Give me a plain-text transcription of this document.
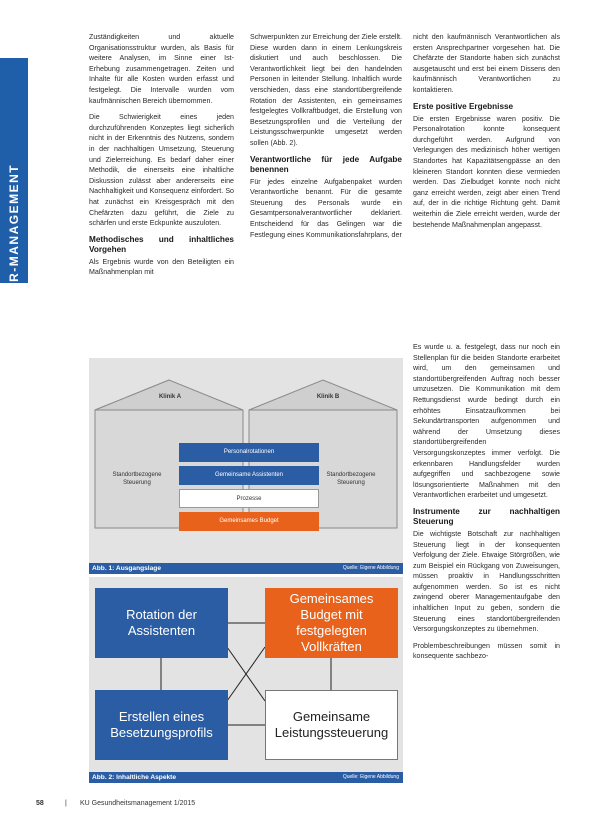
HR-MANAGEMENT

Zuständigkeiten und aktuelle Organisationsstruktur wurden, als Basis für weitere Analysen, im Sinne einer Ist-Erhebung zusammengetragen. Zeiten und Inhalte für alle Kosten wurden erfasst und festgelegt. Die Intervalle wurden vom kaufmännischen Bereich übernommen.

Die Schwierigkeit eines jeden durchzuführenden Konzeptes liegt sicherlich nicht in der Erkenntnis des Nutzens, sondern in der nachhaltigen Umsetzung, Steuerung und Zielerreichung. Es bedarf daher einer Methodik, die einerseits eine inhaltliche Diskussion zulässt aber andererseits eine Nachhaltigkeit und Konsequenz einfordert. So hat zunächst ein Kreisgespräch mit den Chefärzten dazu geführt, die Ziele zu schärfen und erste Eckpunkte auszuloten.

Methodisches und inhaltliches Vorgehen

Als Ergebnis wurde von den Beteiligten ein Maßnahmenplan mit

Schwerpunkten zur Erreichung der Ziele erstellt. Diese wurden dann in einem Lenkungskreis diskutiert und auch beschlossen. Die Verantwortlichkeit liegt bei den handelnden Personen in leitender Stellung. Inhaltlich wurde verschieden, dass eine standortübergreifende Rotation der Assistenten, ein gemeinsames festgelegtes Vollkraftbudget, die Erstellung von Besetzungsprofilen und die Verteilung der Leistungsschwerpunkte umgesetzt werden sollen (Abb. 2).

Verantwortliche für jede Aufgabe benennen

Für jedes einzelne Aufgabenpaket wurden Verantwortliche benannt. Für die gesamte Steuerung des Personals wurde ein Gesamtpersonalverantwortlicher deklariert. Entscheidend für das Gelingen war die Festlegung eines Kommunikationsfahrplans, der

nicht den kaufmännisch Verantwortlichen als ersten Ansprechpartner vorgesehen hat. Die Chefärzte der Standorte haben sich zunächst ausgetauscht und erst bei einem Dissens den kaufmännisch Verantwortlichen zu kontaktieren.

Erste positive Ergebnisse

Die ersten Ergebnisse waren positiv. Die Personalrotation konnte konsequent durchgeführt werden. Aufgrund von Verlegungen des medizinisch höher wertigen Standortes hat Kapazitätsengpässe an den kleineren Standort konnten diese vermieden werden. Das Zielbudget konnte noch nicht ganz erreicht werden, zeigt aber einen Trend auf, der in die richtige Richtung geht. Damit weiterhin die Ziele erreicht werden, wurde der bestehende Maßnahmenplan angepasst.

Es wurde u. a. festgelegt, dass nur noch ein Stellenplan für die beiden Standorte erarbeitet wird, um den gemeinsamen und standortübergreifenden Auftrag noch besser umzusetzen. Die Kommunikation mit dem Rettungsdienst wurde bedingt durch ein erhöhtes Einsatzaufkommen bei Sekundärtransporten aufgenommen und während der Umsetzung dieses standortübergreifenden Versorgungskonzeptes immer verfolgt. Die erkennbaren Handlungsfelder wurden aufgegriffen und sachbezogene sowie lösungsorientierte Maßnahmen mit den Verantwortlichen erarbeitet und umgesetzt.

Instrumente zur nachhaltigen Steuerung

Die wichtigste Botschaft zur nachhaltigen Steuerung liegt in der konsequenten Verfolgung der Ziele. Etwaige Störgrößen, wie zum Beispiel ein Rückgang von Zuweisungen, müssen proaktiv in Handlungsschritten aufgenommen werden. So ist es nicht zwingend oberer Managementaufgabe den inhaltlichen Input zu geben, sondern die Steuerung eines standortübergreifenden Versorgungskonzeptes zu übernehmen.

Problembeschreibungen müssen somit in konsequente sachbezo-

Klinik A	Klinik B
Standortbezogene Steuerung
Standortbezogene Steuerung
Personalrotationen
Gemeinsame Assistenten
Prozesse
Gemeinsames Budget
Abb. 1: Ausgangslage	Quelle: Eigene Abbildung
Rotation der Assistenten
Gemeinsames Budget mit festgelegten Vollkräften
Erstellen eines Besetzungsprofils
Gemeinsame Leistungssteuerung
Abb. 2: Inhaltliche Aspekte	Quelle: Eigene Abbildung
58	| KU Gesundheitsmanagement 1/2015
